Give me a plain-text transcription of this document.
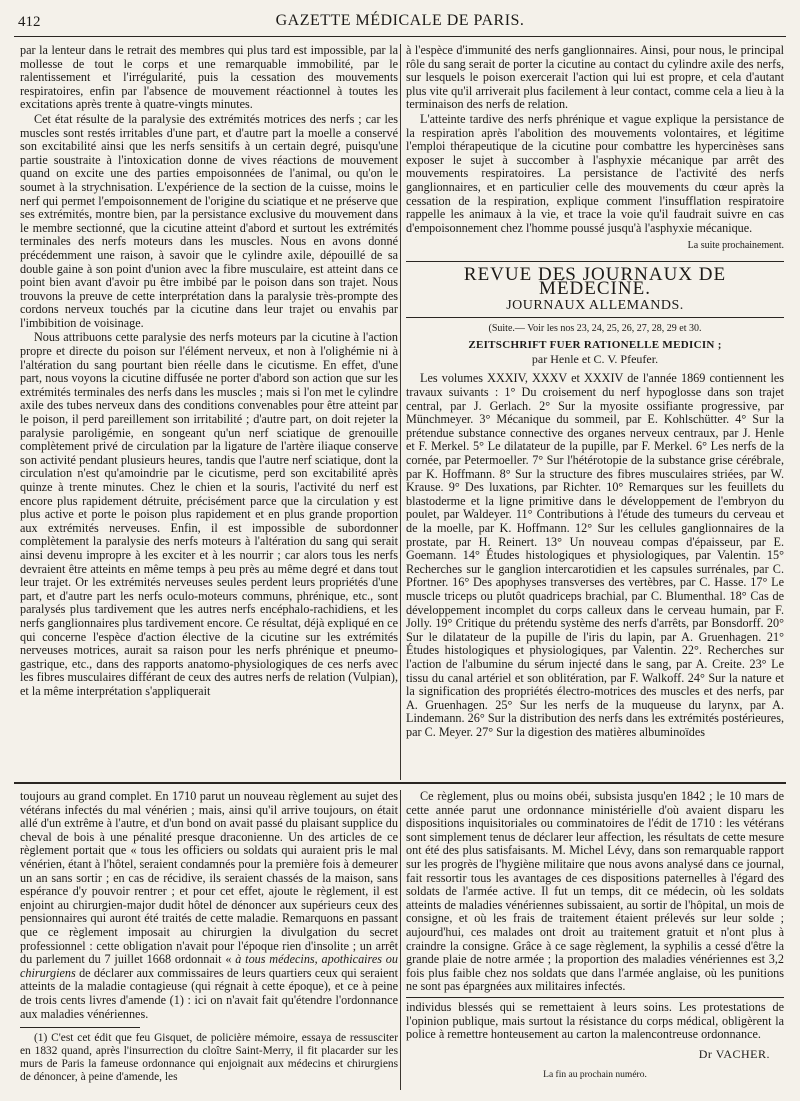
412	GAZETTE MÉDICALE DE PARIS.

par la lenteur dans le retrait des membres qui plus tard est impossible, par la mollesse de tout le corps et une remarquable immobilité, par le ralentissement et l'irrégularité, puis la cessation des mouvements respiratoires, enfin par l'absence de mouvement réactionnel à toutes les excitations après trente à quatre-vingts minutes.

Cet état résulte de la paralysie des extrémités motrices des nerfs ; car les muscles sont restés irritables d'une part, et d'autre part la moelle a conservé son excitabilité ainsi que les nerfs sensitifs à un certain degré, puisqu'une partie soustraite à l'intoxication donne de vives réactions de mouvement quand on excite une des parties empoisonnées de l'animal, ou qu'on le soumet à la strychnisation. L'expérience de la section de la cuisse, moins le nerf qui permet l'empoisonnement de l'origine du sciatique et ne préserve que ses extrémités, montre bien, par la persistance exclusive du mouvement dans le membre sectionné, que la cicutine atteint d'abord et surtout les extrémités terminales des nerfs moteurs dans les muscles. Nous en avons donné précédemment une raison, à savoir que le cylindre axile, dépouillé de sa double gaine à son point d'union avec la fibre musculaire, est atteint dans ce point bien avant d'avoir pu être imbibé par le poison dans son trajet. Nous trouvons la preuve de cette interprétation dans la paralysie très-prompte des cordons nerveux touchés par la cicutine dans leur trajet ou envahis par l'imbibition de voisinage.

Nous attribuons cette paralysie des nerfs moteurs par la cicutine à l'action propre et directe du poison sur l'élément nerveux, et non à l'olighémie ni à l'altération du sang pourtant bien réelle dans le cicutisme. En effet, d'une part, nous voyons la cicutine diffusée ne porter d'abord son action que sur les extrémités terminales des nerfs dans les muscles ; mais si l'on met le cylindre axile des tubes nerveux dans des conditions convenables pour être atteint par le poison, il perd pareillement son irritabilité ; d'autre part, on doit rejeter la paralysie paroligémie, en songeant qu'un nerf sciatique de grenouille complètement privé de circulation par la ligature de l'artère iliaque conserve son activité pendant plusieurs heures, tandis que l'autre nerf sciatique, dont la circulation n'est qu'amoindrie par le cicutisme, perd son excitabilité après quinze à trente minutes. Chez le chien et la souris, l'activité du nerf est encore plus rapidement détruite, précisément parce que la circulation y est plus active et porte le poison plus rapidement et en plus grande proportion aux extrémités nerveuses. Enfin, il est impossible de subordonner complètement la paralysie des nerfs moteurs à l'altération du sang qui serait ainsi devenu impropre à les exciter et à les nourrir ; car alors tous les nerfs devraient être atteints en même temps à peu près au même degré et dans tout leur trajet. Or les extrémités nerveuses seules perdent leurs propriétés d'une part, et d'autre part les nerfs oculo-moteurs communs, phrénique, etc., sont paralysés plus tardivement que les autres nerfs encéphalo-rachidiens, et les nerfs ganglionnaires plus tardivement encore. Ce résultat, déjà expliqué en ce qui concerne l'espèce d'action élective de la cicutine sur les extrémités nerveuses motrices, aurait sa raison pour les nerfs phrénique et pneumo-gastrique, etc., dans des rapports anatomo-physiologiques de ces nerfs avec les fibres musculaires différant de ceux des autres nerfs de relation (Vulpian), et la même interprétation s'appliquerait

à l'espèce d'immunité des nerfs ganglionnaires. Ainsi, pour nous, le principal rôle du sang serait de porter la cicutine au contact du cylindre axile des nerfs, sur lesquels le poison exercerait l'action qui lui est propre, et cela d'autant plus vite qu'il arriverait plus facilement à leur contact, comme cela a lieu à la terminaison des nerfs de relation.

L'atteinte tardive des nerfs phrénique et vague explique la persistance de la respiration après l'abolition des mouvements volontaires, et légitime l'emploi thérapeutique de la cicutine pour combattre les hypercinèses sans exposer le sujet à succomber à l'asphyxie mécanique par arrêt des mouvements respiratoires. La persistance de l'activité des nerfs ganglionnaires, et en particulier celle des mouvements du cœur après la cessation de la respiration, explique comment l'insufflation respiratoire rappelle les animaux à la vie, et trace la voie qu'il faudrait suivre en cas d'empoisonnement chez l'homme poussé jusqu'à l'asphyxie mécanique.

La suite prochainement.
REVUE DES JOURNAUX DE MÉDECINE.
JOURNAUX ALLEMANDS.
(Suite.— Voir les nos 23, 24, 25, 26, 27, 28, 29 et 30.
ZEITSCHRIFT FUER RATIONELLE MEDICIN ;
par Henle et C. V. Pfeufer.

Les volumes XXXIV, XXXV et XXXIV de l'année 1869 contiennent les travaux suivants : 1° Du croisement du nerf hypoglosse dans son trajet central, par J. Gerlach. 2° Sur la myosite ossifiante progressive, par Münchmeyer. 3° Mécanique du sommeil, par E. Kohlschütter. 4° Sur la prétendue substance connective des organes nerveux centraux, par J. Henle et F. Merkel. 5° Le dilatateur de la pupille, par F. Merkel. 6° Les nerfs de la cornée, par Petermoeller. 7° Sur l'hétérotopie de la substance grise cérébrale, par K. Hoffmann. 8° Sur la structure des fibres musculaires striées, par W. Krause. 9° Des luxations, par Richter. 10° Remarques sur les feuillets du blastoderme et la ligne primitive dans le développement de l'embryon du poulet, par Waldeyer. 11° Contributions à l'étude des tumeurs du cerveau et de la moelle, par K. Hoffmann. 12° Sur les cellules ganglionnaires de la prostate, par H. Reinert. 13° Un nouveau compas d'épaisseur, par E. Goemann. 14° Études histologiques et physiologiques, par Valentin. 15° Recherches sur le ganglion intercarotidien et les capsules surrénales, par C. Pfortner. 16° Des apophyses transverses des vertèbres, par C. Hasse. 17° Le muscle triceps ou plutôt quadriceps brachial, par C. Blumenthal. 18° Cas de développement incomplet du corps calleux dans le cerveau humain, par F. Jolly. 19° Critique du prétendu système des nerfs d'arrêts, par Bonsdorff. 20° Sur le dilatateur de la pupille de l'iris du lapin, par A. Gruenhagen. 21° Études histologiques et physiologiques, par Valentin. 22°. Recherches sur l'action de l'albumine du sérum injecté dans le sang, par A. Creite. 23° Le tissu du canal artériel et son oblitération, par F. Walkoff. 24° Sur la nature et la signification des propriétés électro-motrices des muscles et des nerfs, par A. Gruenhagen. 25° Sur les nerfs de la muqueuse du larynx, par A. Lindemann. 26° Sur la distribution des nerfs dans les extrémités postérieures, par C. Meyer. 27° Sur la digestion des matières albuminoïdes

toujours au grand complet. En 1710 parut un nouveau règlement au sujet des vétérans infectés du mal vénérien ; mais, ainsi qu'il arrive toujours, on était allé d'un extrême à l'autre, et d'un bond on avait passé du plaisant supplice du cheval de bois à une pénalité presque draconienne. Un des articles de ce règlement portait que « tous les officiers ou soldats qui auraient pris le mal vénérien, étant à l'hôtel, seraient condamnés pour la première fois à demeurer un an sans sortir ; en cas de récidive, ils seraient chassés de la maison, sans espérance d'y pouvoir rentrer ; et pour cet effet, ajoute le règlement, il est enjoint au chirurgien-major dudit hôtel de dénoncer aux supérieurs ceux des pensionnaires qui auront été traités de cette maladie. Remarquons en passant que ce règlement imposait au chirurgien la divulgation du secret professionnel : cette obligation n'avait pour l'époque rien d'insolite ; un arrêt du parlement du 7 juillet 1668 ordonnait « à tous médecins, apothicaires ou chirurgiens de déclarer aux commissaires de leurs quartiers ceux qui seraient atteints de la maladie contagieuse (qui régnait à cette époque), et ce à peine de trois cents livres d'amende (1) : ici on n'avait fait qu'étendre l'ordonnance aux maladies vénériennes.

(1) C'est cet édit que feu Gisquet, de policière mémoire, essaya de ressusciter en 1832 quand, après l'insurrection du cloître Saint-Merry, il fit placarder sur les murs de Paris la fameuse ordonnance qui enjoignait aux médecins et chirurgiens de dénoncer, à peine d'amende, les

Ce règlement, plus ou moins obéi, subsista jusqu'en 1842 ; le 10 mars de cette année parut une ordonnance ministérielle d'où avaient disparu les dispositions inquisitoriales ou comminatoires de l'édit de 1710 : les vétérans sont simplement tenus de déclarer leur affection, les résultats de cette mesure ont été des plus satisfaisants. M. Michel Lévy, dans son remarquable rapport sur les progrès de l'hygiène militaire que nous avons analysé dans ce journal, fait ressortir tous les avantages de ces dispositions paternelles à l'égard des soldats de l'armée active. Il fut un temps, dit ce médecin, où les soldats atteints de maladies vénériennes subissaient, au sortir de l'hôpital, un mois de consigne, et où les frais de traitement étaient prélevés sur leur solde ; aujourd'hui, ces malades ont droit au traitement gratuit et n'ont plus à craindre la consigne. Grâce à ce sage règlement, la syphilis a cessé d'être la grande plaie de notre armée ; la proportion des maladies vénériennes est 3,2 fois plus faible chez nos soldats que dans l'armée anglaise, où les punitions ne sont pas épargnées aux militaires infectés.

individus blessés qui se remettaient à leurs soins. Les protestations de l'opinion publique, mais surtout la résistance du corps médical, obligèrent la police à remettre honteusement au carton la malencontreuse ordonnance.

Dr VACHER.
La fin au prochain numéro.
